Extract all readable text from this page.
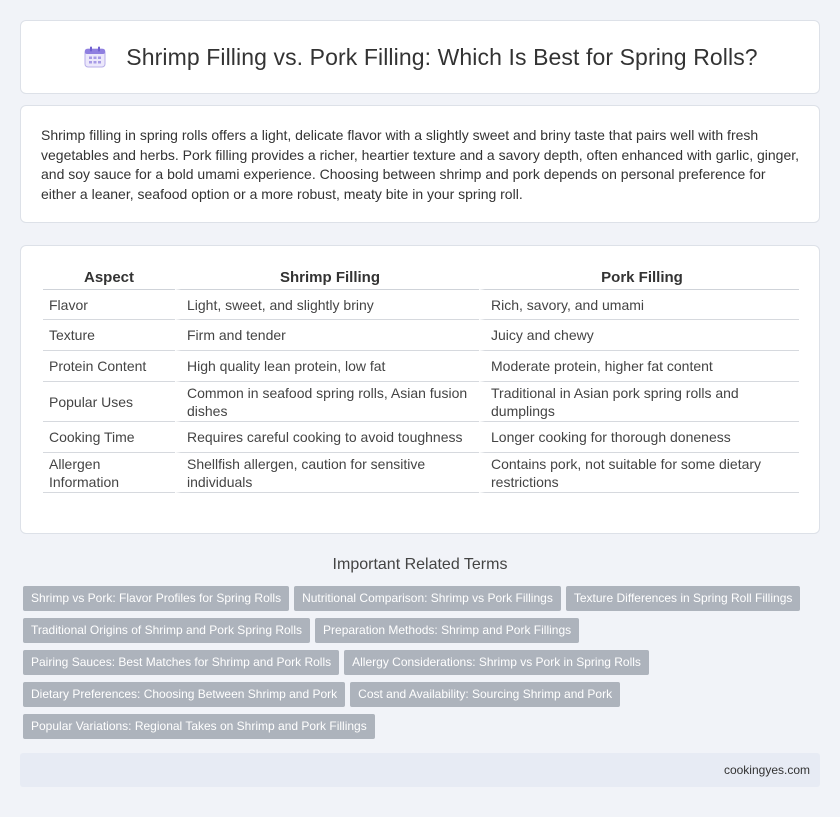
Shrimp Filling vs. Pork Filling: Which Is Best for Spring Rolls?

Shrimp filling in spring rolls offers a light, delicate flavor with a slightly sweet and briny taste that pairs well with fresh vegetables and herbs. Pork filling provides a richer, heartier texture and a savory depth, often enhanced with garlic, ginger, and soy sauce for a bold umami experience. Choosing between shrimp and pork depends on personal preference for either a leaner, seafood option or a more robust, meaty bite in your spring roll.

Aspect	Shrimp Filling	Pork Filling
Flavor	Light, sweet, and slightly briny	Rich, savory, and umami
Texture	Firm and tender	Juicy and chewy
Protein Content	High quality lean protein, low fat	Moderate protein, higher fat content
Popular Uses	Common in seafood spring rolls, Asian fusion dishes	Traditional in Asian pork spring rolls and dumplings
Cooking Time	Requires careful cooking to avoid toughness	Longer cooking for thorough doneness
Allergen Information	Shellfish allergen, caution for sensitive individuals	Contains pork, not suitable for some dietary restrictions
Important Related Terms
Shrimp vs Pork: Flavor Profiles for Spring Rolls Nutritional Comparison: Shrimp vs Pork Fillings Texture Differences in Spring Roll Fillings
Traditional Origins of Shrimp and Pork Spring Rolls Preparation Methods: Shrimp and Pork Fillings
Pairing Sauces: Best Matches for Shrimp and Pork Rolls Allergy Considerations: Shrimp vs Pork in Spring Rolls
Dietary Preferences: Choosing Between Shrimp and Pork Cost and Availability: Sourcing Shrimp and Pork
Popular Variations: Regional Takes on Shrimp and Pork Fillings
cookingyes.com
